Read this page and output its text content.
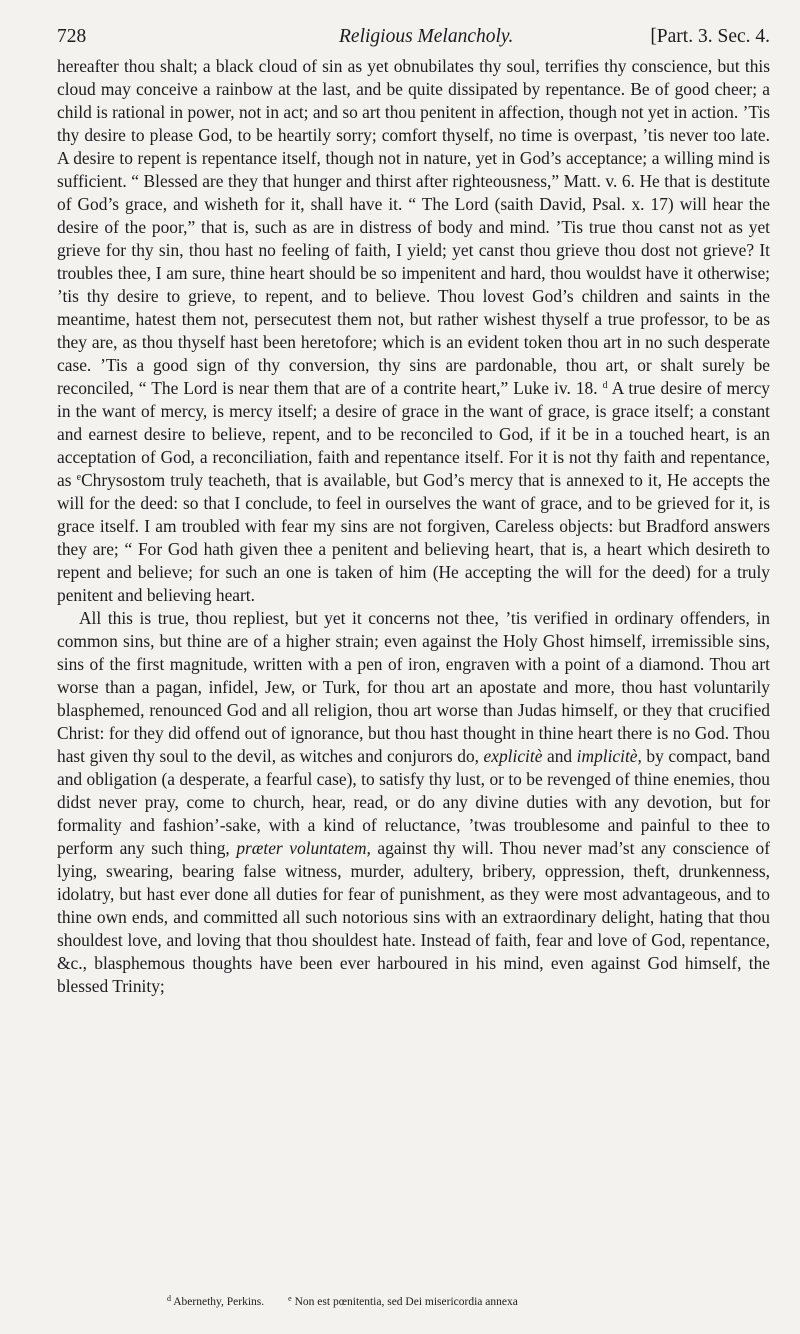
728	Religious Melancholy.	[Part. 3. Sec. 4.

hereafter thou shalt; a black cloud of sin as yet obnubilates thy soul, terrifies thy conscience, but this cloud may conceive a rainbow at the last, and be quite dissipated by repentance. Be of good cheer; a child is rational in power, not in act; and so art thou penitent in affection, though not yet in action. ’Tis thy desire to please God, to be heartily sorry; comfort thyself, no time is overpast, ’tis never too late. A desire to repent is repentance itself, though not in nature, yet in God’s acceptance; a willing mind is sufficient. “ Blessed are they that hunger and thirst after righteousness,” Matt. v. 6. He that is destitute of God’s grace, and wisheth for it, shall have it. “ The Lord (saith David, Psal. x. 17) will hear the desire of the poor,” that is, such as are in distress of body and mind. ’Tis true thou canst not as yet grieve for thy sin, thou hast no feeling of faith, I yield; yet canst thou grieve thou dost not grieve? It troubles thee, I am sure, thine heart should be so impenitent and hard, thou wouldst have it otherwise; ’tis thy desire to grieve, to repent, and to believe. Thou lovest God’s children and saints in the meantime, hatest them not, persecutest them not, but rather wishest thyself a true professor, to be as they are, as thou thyself hast been heretofore; which is an evident token thou art in no such desperate case. ’Tis a good sign of thy conversion, thy sins are pardonable, thou art, or shalt surely be reconciled, “ The Lord is near them that are of a contrite heart,” Luke iv. 18. $^d$ A true desire of mercy in the want of mercy, is mercy itself; a desire of grace in the want of grace, is grace itself; a constant and earnest desire to believe, repent, and to be reconciled to God, if it be in a touched heart, is an acceptation of God, a reconciliation, faith and repentance itself. For it is not thy faith and repentance, as $^e$Chrysostom truly teacheth, that is available, but God’s mercy that is annexed to it, He accepts the will for the deed: so that I conclude, to feel in ourselves the want of grace, and to be grieved for it, is grace itself. I am troubled with fear my sins are not forgiven, Careless objects: but Bradford answers they are; “ For God hath given thee a penitent and believing heart, that is, a heart which desireth to repent and believe; for such an one is taken of him (He accepting the will for the deed) for a truly penitent and believing heart.

All this is true, thou repliest, but yet it concerns not thee, ’tis verified in ordinary offenders, in common sins, but thine are of a higher strain; even against the Holy Ghost himself, irremissible sins, sins of the first magnitude, written with a pen of iron, engraven with a point of a diamond. Thou art worse than a pagan, infidel, Jew, or Turk, for thou art an apostate and more, thou hast voluntarily blasphemed, renounced God and all religion, thou art worse than Judas himself, or they that crucified Christ: for they did offend out of ignorance, but thou hast thought in thine heart there is no God. Thou hast given thy soul to the devil, as witches and conjurors do, explicitè and implicitè, by compact, band and obligation (a desperate, a fearful case), to satisfy thy lust, or to be revenged of thine enemies, thou didst never pray, come to church, hear, read, or do any divine duties with any devotion, but for formality and fashion’-sake, with a kind of reluctance, ’twas troublesome and painful to thee to perform any such thing, præter voluntatem, against thy will. Thou never mad’st any conscience of lying, swearing, bearing false witness, murder, adultery, bribery, oppression, theft, drunkenness, idolatry, but hast ever done all duties for fear of punishment, as they were most advantageous, and to thine own ends, and committed all such notorious sins with an extraordinary delight, hating that thou shouldest love, and loving that thou shouldest hate. Instead of faith, fear and love of God, repentance, &c., blasphemous thoughts have been ever harboured in his mind, even against God himself, the blessed Trinity;

$^d$ Abernethy, Perkins.	$^e$ Non est pœnitentia, sed Dei misericordia annexa
